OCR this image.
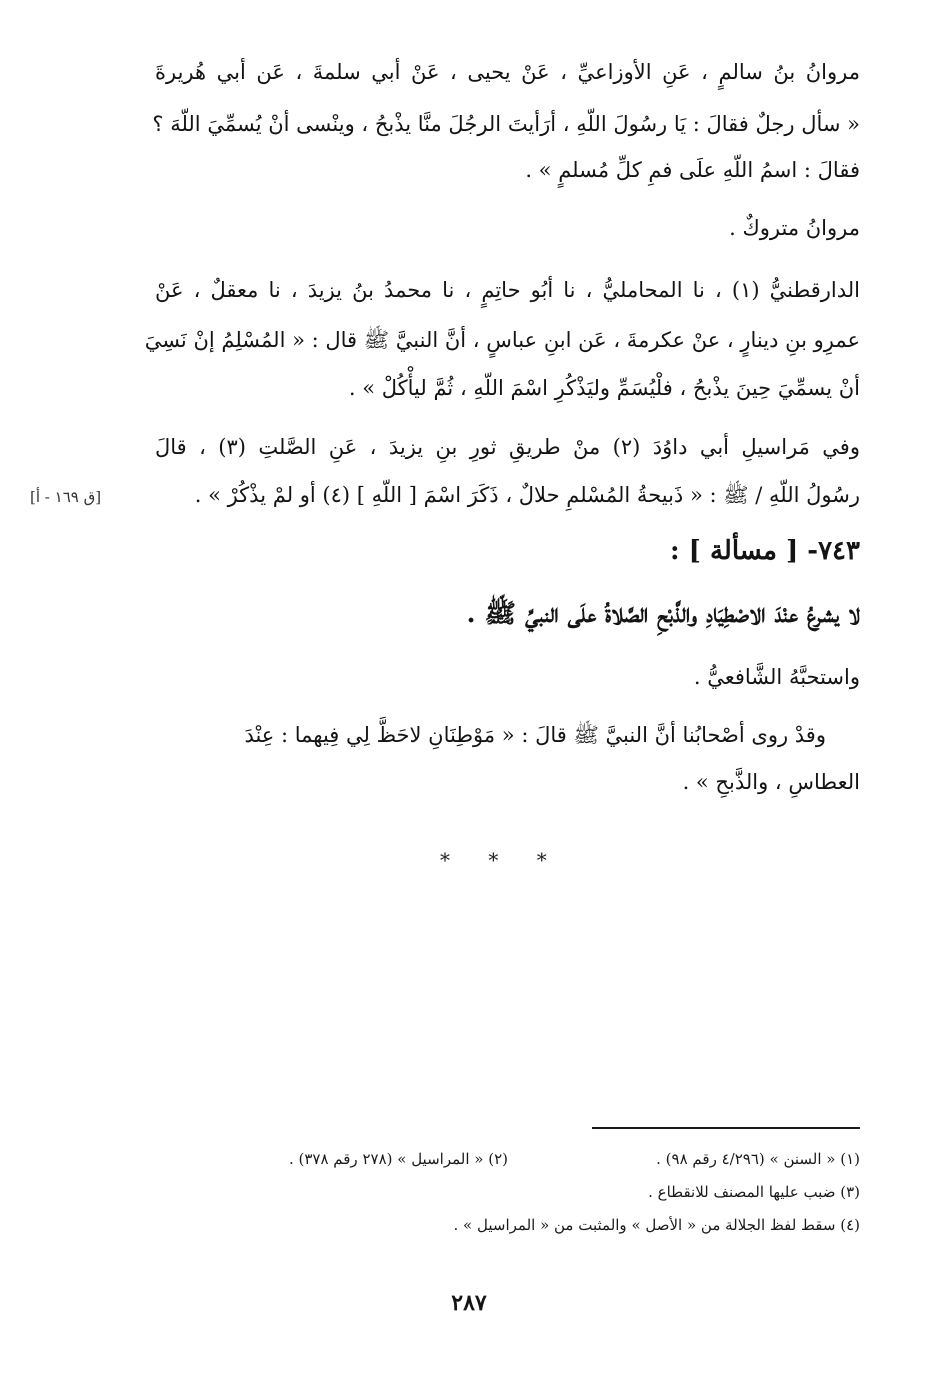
مروانُ بنُ سالمٍ ، عَنِ الأوزاعيِّ ، عَنْ يحيى ، عَنْ أبي سلمةَ ، عَن أبي هُريرةَ
« سأل رجلٌ فقالَ : يَا رسُولَ اللّهِ ، أرَأيتَ الرجُلَ منَّا يذْبحُ ، وينْسى أنْ يُسمِّيَ اللّهَ ؟
فقالَ : اسمُ اللّهِ علَى فمِ كلِّ مُسلمٍ » .
مروانُ متروكٌ .
الدارقطنيُّ (١) ، نا المحامليُّ ، نا أبُو حاتِمٍ ، نا محمدُ بنُ يزيدَ ، نا معقلٌ ، عَنْ
عمرِو بنِ دينارٍ ، عنْ عكرمةَ ، عَن ابنِ عباسٍ ، أنَّ النبيَّ ﷺ قال : « المُسْلِمُ إنْ نَسِيَ
أنْ يسمِّيَ حِينَ يذْبحُ ، فلْيُسَمِّ وليَذْكُرِ اسْمَ اللّهِ ، ثُمَّ ليأْكُلْ » .
وفي مَراسيلِ أبي داوُدَ (٢) منْ طريقِ ثورِ بنِ يزيدَ ، عَنِ الصَّلتِ (٣) ، قالَ
رسُولُ اللّهِ / ﷺ : « ذَبيحةُ المُسْلمِ حلالٌ ، ذَكَرَ اسْمَ [ اللّهِ ] (٤) أو لمْ يذْكُرْ » .
[ق ١٦٩ - أ]
٧٤٣- [ مسألة ] :
لا يشرعُ عنْدَ الاصْطِيَادِ والذَّبْحِ الصَّلاةُ علَى النبيِّ ﷺ .
واستحبَّهُ الشَّافعيُّ .
وقدْ روى أصْحابُنا أنَّ النبيَّ ﷺ قالَ : « مَوْطِنَانِ لاحَظَّ لِي فِيهما : عِنْدَ
العطاسِ ، والذَّبحِ » .
* * *
(١) « السنن » (٤/٢٩٦ رقم ٩٨) .
(٢) « المراسيل » (٢٧٨ رقم ٣٧٨) .
(٣) ضبب عليها المصنف للانقطاع .
(٤) سقط لفظ الجلالة من « الأصل » والمثبت من « المراسيل » .
٢٨٧
